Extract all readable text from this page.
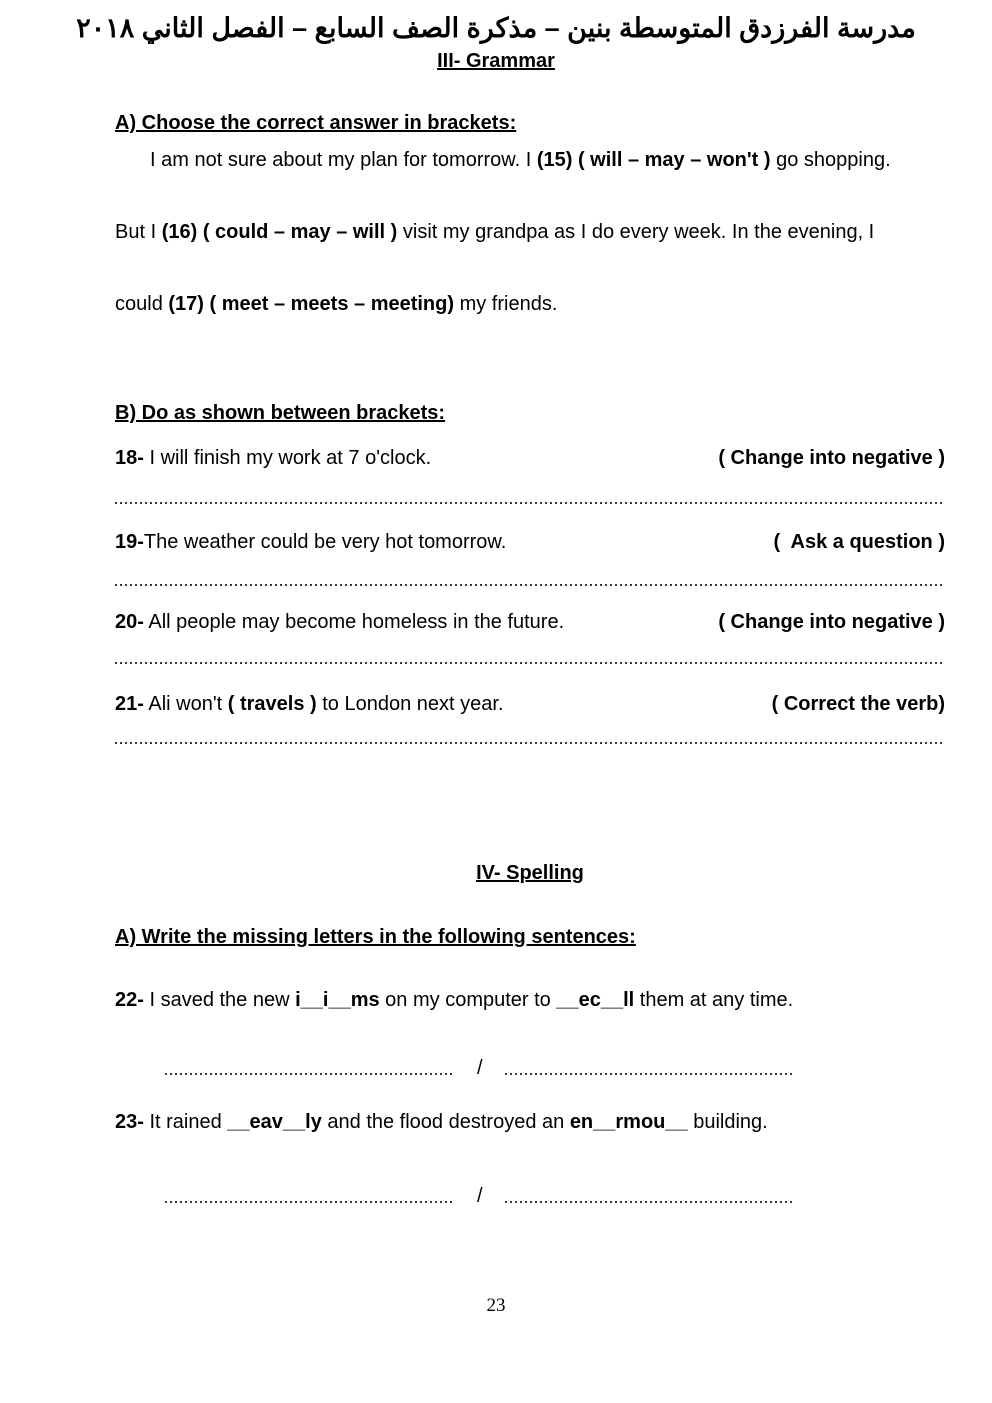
مدرسة الفرزدق المتوسطة بنين – مذكرة الصف السابع – الفصل الثاني ٢٠١٨
III- Grammar
A) Choose the correct answer in brackets:

I am not sure about my plan for tomorrow. I (15) ( will – may – won't ) go shopping.

But I (16) ( could – may – will ) visit my grandpa as I do every week. In the evening, I

could (17) ( meet – meets – meeting) my friends.

B) Do as shown between brackets:
18- I will finish my work at 7 o'clock.	( Change into negative )
19-The weather could be very hot tomorrow.	(  Ask a question )
20- All people may become homeless in the future.	( Change into negative )
21- Ali won't ( travels ) to London next year.	( Correct the verb)
IV- Spelling
A) Write the missing letters in the following sentences:

22- I saved the new i__i__ms on my computer to __ec__ll them at any time.

/

23- It rained __eav__ly and the flood destroyed an en__rmou__ building.

/
23
